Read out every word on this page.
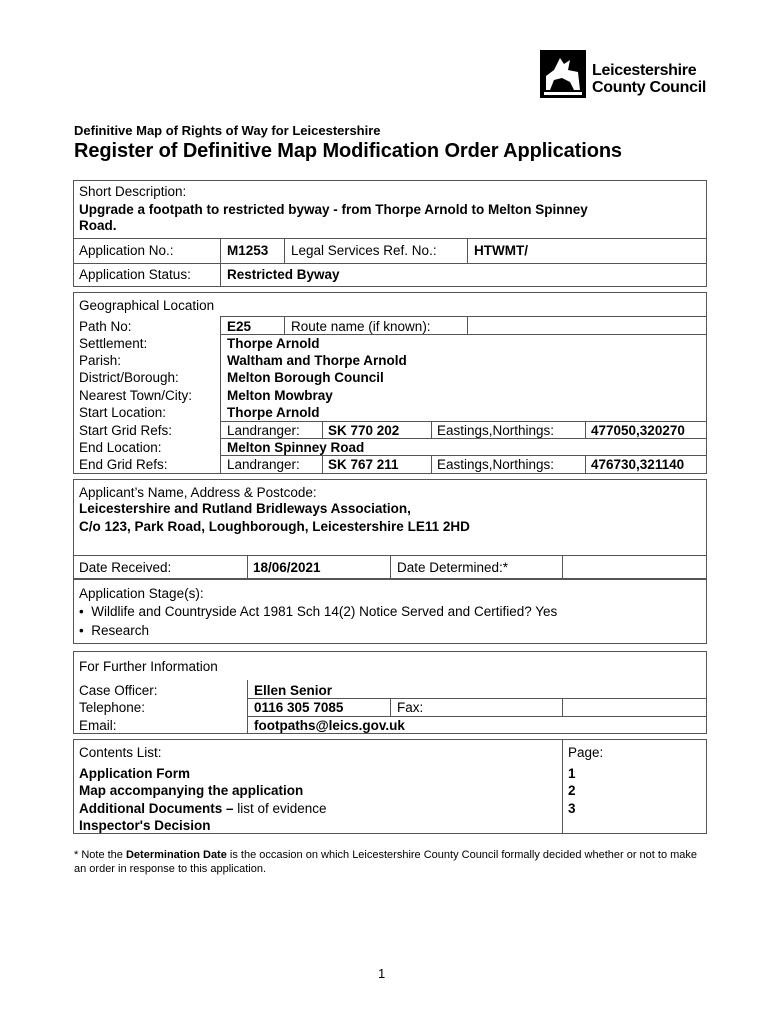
Leicestershire
County Council
Definitive Map of Rights of Way for Leicestershire
Register of Definitive Map Modification Order Applications
Short Description:
Upgrade a footpath to restricted byway - from Thorpe Arnold to Melton Spinney
Road.
Application No.:	M1253 Legal Services Ref. No.:	HTWMT/
Application Status:	Restricted Byway
Geographical Location
Path No:	E25	Route name (if known):
Settlement:	Thorpe Arnold
Parish:	Waltham and Thorpe Arnold
District/Borough:	Melton Borough Council
Nearest Town/City:	Melton Mowbray
Start Location:	Thorpe Arnold
Start Grid Refs:	Landranger: SK 770 202	Eastings,Northings:	477050,320270
End Location:	Melton Spinney Road
End Grid Refs:	Landranger: SK 767 211	Eastings,Northings:	476730,321140
Applicant’s Name, Address & Postcode:
Leicestershire and Rutland Bridleways Association,
C/o 123, Park Road, Loughborough, Leicestershire LE11 2HD
Date Received:	18/06/2021	Date Determined:*
Application Stage(s):
•  Wildlife and Countryside Act 1981 Sch 14(2) Notice Served and Certified? Yes
•  Research
For Further Information
Case Officer:	Ellen Senior
Telephone:	0116 305 7085	Fax:
Email:	footpaths@leics.gov.uk
Contents List:	Page:
Application Form	1
Map accompanying the application	2
Additional Documents – list of evidence	3
Inspector's Decision
* Note the Determination Date is the occasion on which Leicestershire County Council formally decided whether or not to make an order in response to this application.
1
